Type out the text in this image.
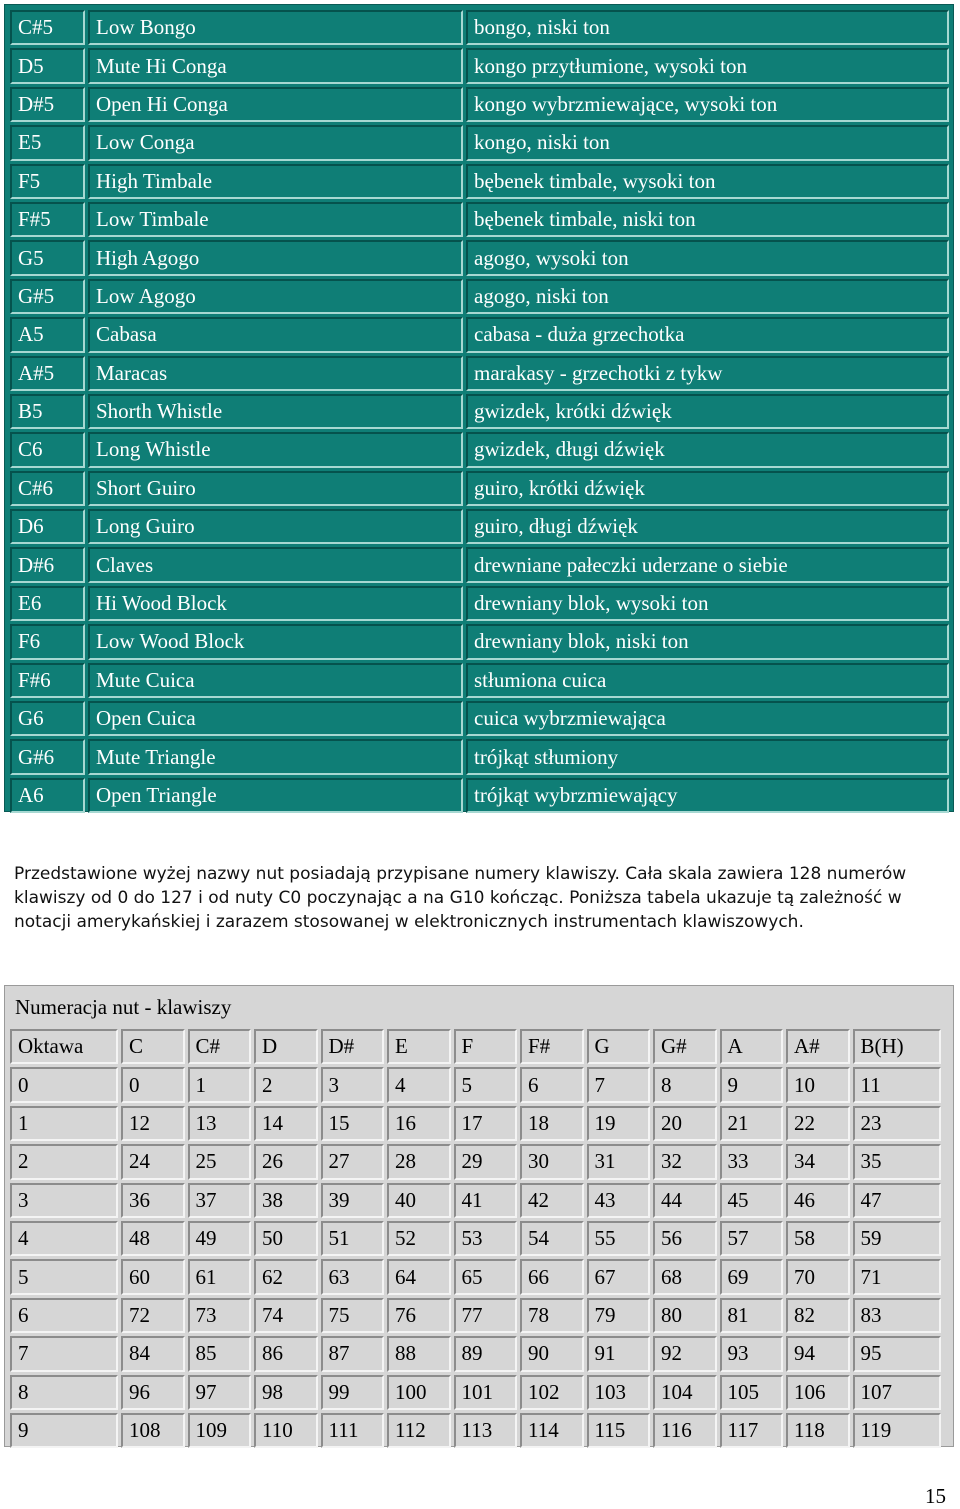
C#5	Low Bongo	bongo, niski ton
D5	Mute Hi Conga	kongo przytłumione, wysoki ton
D#5	Open Hi Conga	kongo wybrzmiewające, wysoki ton
E5	Low Conga	kongo, niski ton
F5	High Timbale	bębenek timbale, wysoki ton
F#5	Low Timbale	bębenek timbale, niski ton
G5	High Agogo	agogo, wysoki ton
G#5	Low Agogo	agogo, niski ton
A5	Cabasa	cabasa - duża grzechotka
A#5	Maracas	marakasy - grzechotki z tykw
B5	Shorth Whistle	gwizdek, krótki dźwięk
C6	Long Whistle	gwizdek, długi dźwięk
C#6	Short Guiro	guiro, krótki dźwięk
D6	Long Guiro	guiro, długi dźwięk
D#6	Claves	drewniane pałeczki uderzane o siebie
E6	Hi Wood Block	drewniany blok, wysoki ton
F6	Low Wood Block	drewniany blok, niski ton
F#6	Mute Cuica	stłumiona cuica
G6	Open Cuica	cuica wybrzmiewająca
G#6	Mute Triangle	trójkąt stłumiony
A6	Open Triangle	trójkąt wybrzmiewający

Przedstawione wyżej nazwy nut posiadają przypisane numery klawiszy. Cała skala zawiera 128 numerów klawiszy od 0 do 127 i od nuty C0 poczynając a na G10 kończąc. Poniższa tabela ukazuje tą zależność w notacji amerykańskiej i zarazem stosowanej w elektronicznych instrumentach klawiszowych.

Numeracja nut - klawiszy
Oktawa	C	C#	D	D#	E	F	F#	G	G#	A	A#	B(H)
0	0	1	2	3	4	5	6	7	8	9	10	11
1	12	13	14	15	16	17	18	19	20	21	22	23
2	24	25	26	27	28	29	30	31	32	33	34	35
3	36	37	38	39	40	41	42	43	44	45	46	47
4	48	49	50	51	52	53	54	55	56	57	58	59
5	60	61	62	63	64	65	66	67	68	69	70	71
6	72	73	74	75	76	77	78	79	80	81	82	83
7	84	85	86	87	88	89	90	91	92	93	94	95
8	96	97	98	99	100	101	102	103	104	105	106	107
9	108	109	110	111	112	113	114	115	116	117	118	119
15
